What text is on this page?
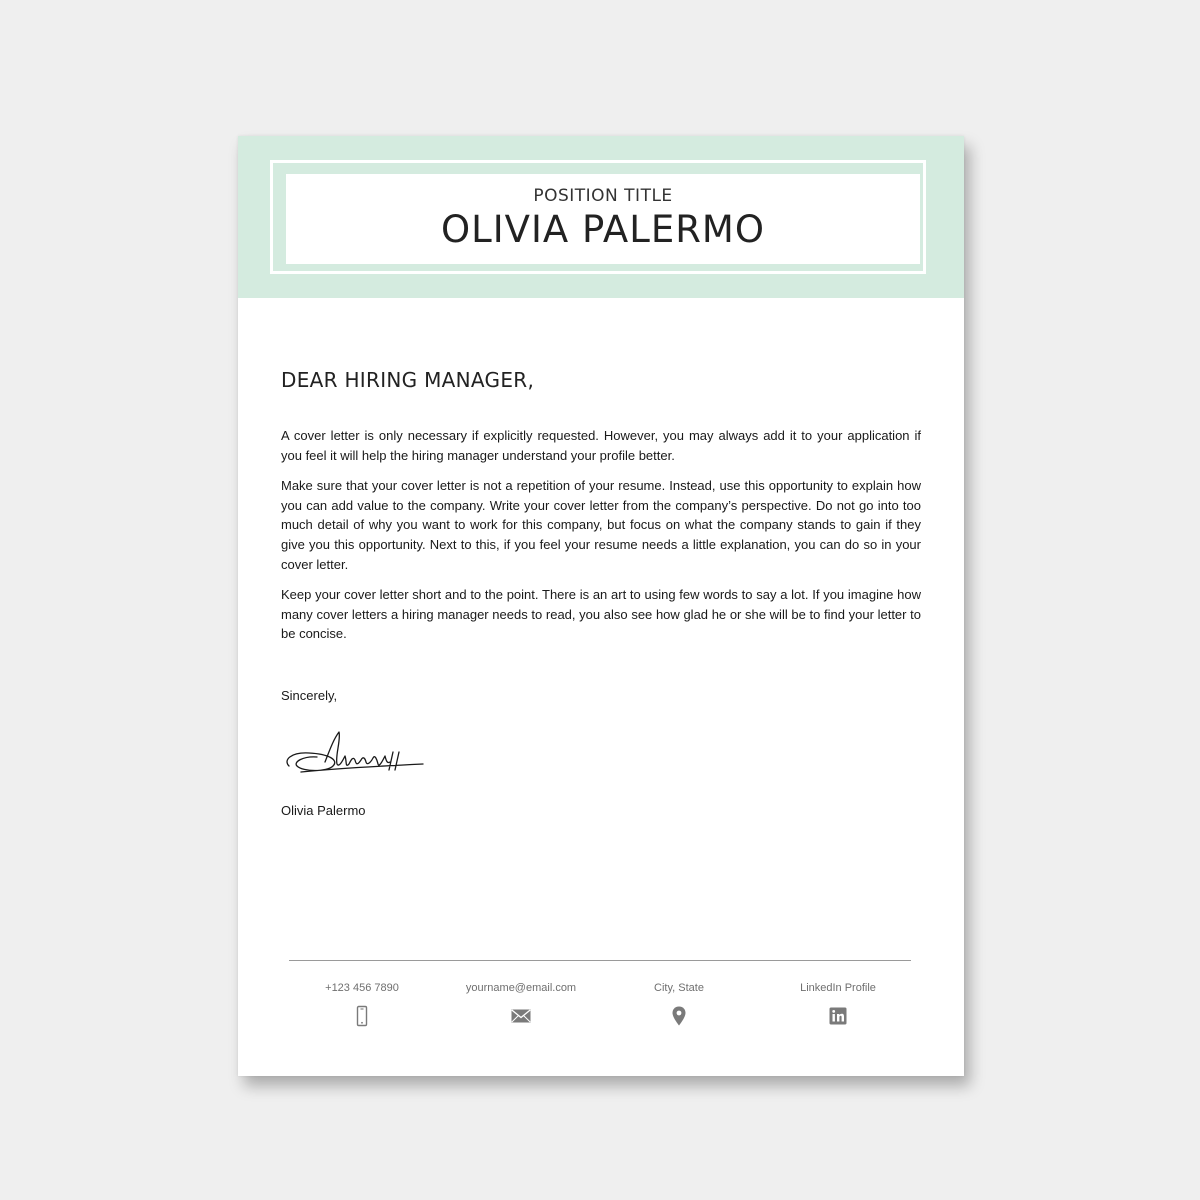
POSITION TITLE
OLIVIA PALERMO
DEAR HIRING MANAGER,

A cover letter is only necessary if explicitly requested. However, you may always add it to your application if you feel it will help the hiring manager understand your profile better.

Make sure that your cover letter is not a repetition of your resume. Instead, use this opportunity to explain how you can add value to the company. Write your cover letter from the company’s perspective. Do not go into too much detail of why you want to work for this company, but focus on what the company stands to gain if they give you this opportunity. Next to this, if you feel your resume needs a little explanation, you can do so in your cover letter.

Keep your cover letter short and to the point. There is an art to using few words to say a lot. If you imagine how many cover letters a hiring manager needs to read, you also see how glad he or she will be to find your letter to be concise.

Sincerely,
Olivia Palermo
+123 456 7890	yourname@email.com	City, State	LinkedIn Profile
